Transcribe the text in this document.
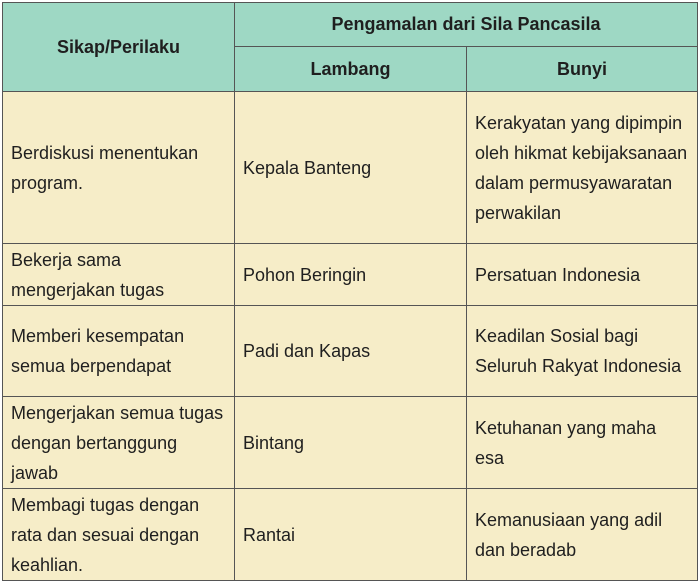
Sikap/Perilaku	Pengamalan dari Sila Pancasila	
	Lambang	Bunyi
Berdiskusi menentukan program.	Kepala Banteng	Kerakyatan yang dipimpin oleh hikmat kebijaksanaan dalam permusyawaratan perwakilan
Bekerja sama mengerjakan tugas	Pohon Beringin	Persatuan Indonesia
Memberi kesempatan semua berpendapat	Padi dan Kapas	Keadilan Sosial bagi Seluruh Rakyat Indonesia
Mengerjakan semua tugas dengan bertanggung jawab	Bintang	Ketuhanan yang maha esa
Membagi tugas dengan rata dan sesuai dengan keahlian.	Rantai	Kemanusiaan yang adil dan beradab
